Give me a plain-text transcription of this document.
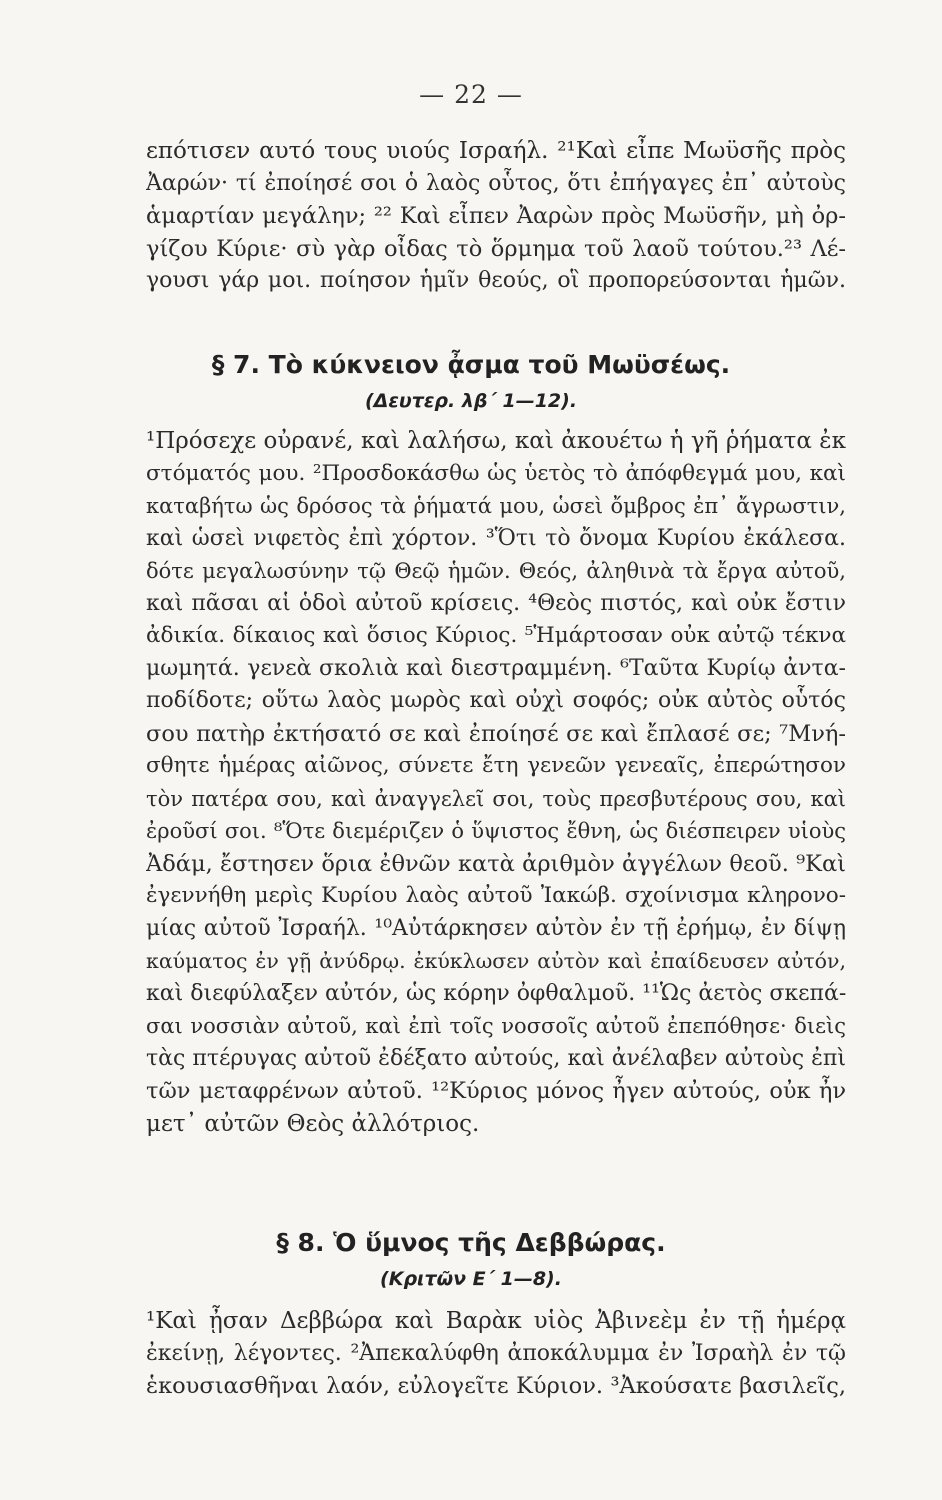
— 22 —
επότισεν αυτό τους υιούς Ισραήλ. ²¹Καὶ εἶπε Μωϋσῆς πρὸς
Ἀαρών· τί ἐποίησέ σοι ὁ λαὸς οὗτος, ὅτι ἐπήγαγες ἐπ᾿ αὐτοὺς
ἁμαρτίαν μεγάλην; ²² Καὶ εἶπεν Ἀαρὼν πρὸς Μωϋσῆν, μὴ ὀρ-
γίζου Κύριε· σὺ γὰρ οἶδας τὸ ὅρμημα τοῦ λαοῦ τούτου.²³ Λέ-
γουσι γάρ μοι. ποίησον ἡμῖν θεούς, οἳ προπορεύσονται ἡμῶν.
§ 7. Τὸ κύκνειον ᾆσμα τοῦ Μωϋσέως.
(Δευτερ. λβ΄ 1—12).
¹Πρόσεχε οὐρανέ, καὶ λαλήσω, καὶ ἀκουέτω ἡ γῆ ῥήματα ἐκ
στόματός μου. ²Προσδοκάσθω ὡς ὑετὸς τὸ ἀπόφθεγμά μου, καὶ
καταβήτω ὡς δρόσος τὰ ῥήματά μου, ὡσεὶ ὄμβρος ἐπ᾿ ἄγρωστιν,
καὶ ὡσεὶ νιφετὸς ἐπὶ χόρτον. ³Ὅτι τὸ ὄνομα Κυρίου ἐκάλεσα.
δότε μεγαλωσύνην τῷ Θεῷ ἡμῶν. Θεός, ἀληθινὰ τὰ ἔργα αὐτοῦ,
καὶ πᾶσαι αἱ ὁδοὶ αὐτοῦ κρίσεις. ⁴Θεὸς πιστός, καὶ οὐκ ἔστιν
ἀδικία. δίκαιος καὶ ὅσιος Κύριος. ⁵Ἡμάρτοσαν οὐκ αὐτῷ τέκνα
μωμητά. γενεὰ σκολιὰ καὶ διεστραμμένη. ⁶Ταῦτα Κυρίῳ ἀντα-
ποδίδοτε; οὕτω λαὸς μωρὸς καὶ οὐχὶ σοφός; οὐκ αὐτὸς οὗτός
σου πατὴρ ἐκτήσατό σε καὶ ἐποίησέ σε καὶ ἔπλασέ σε; ⁷Μνή-
σθητε ἡμέρας αἰῶνος, σύνετε ἔτη γενεῶν γενεαῖς, ἐπερώτησον
τὸν πατέρα σου, καὶ ἀναγγελεῖ σοι, τοὺς πρεσβυτέρους σου, καὶ
ἐροῦσί σοι. ⁸Ὅτε διεμέριζεν ὁ ὕψιστος ἔθνη, ὡς διέσπειρεν υἱοὺς
Ἀδάμ, ἔστησεν ὅρια ἐθνῶν κατὰ ἀριθμὸν ἀγγέλων θεοῦ. ⁹Καὶ
ἐγεννήθη μερὶς Κυρίου λαὸς αὐτοῦ Ἰακώβ. σχοίνισμα κληρονο-
μίας αὐτοῦ Ἰσραήλ. ¹⁰Αὐτάρκησεν αὐτὸν ἐν τῇ ἐρήμῳ, ἐν δίψῃ
καύματος ἐν γῇ ἀνύδρῳ. ἐκύκλωσεν αὐτὸν καὶ ἐπαίδευσεν αὐτόν,
καὶ διεφύλαξεν αὐτόν, ὡς κόρην ὀφθαλμοῦ. ¹¹Ὡς ἀετὸς σκεπά-
σαι νοσσιὰν αὐτοῦ, καὶ ἐπὶ τοῖς νοσσοῖς αὐτοῦ ἐπεπόθησε· διεὶς
τὰς πτέρυγας αὐτοῦ ἐδέξατο αὐτούς, καὶ ἀνέλαβεν αὐτοὺς ἐπὶ
τῶν μεταφρένων αὐτοῦ. ¹²Κύριος μόνος ἦγεν αὐτούς, οὐκ ἦν
μετ᾿ αὐτῶν Θεὸς ἀλλότριος.
§ 8. Ὁ ὕμνος τῆς Δεββώρας.
(Κριτῶν Ε΄ 1—8).
¹Καὶ ᾖσαν Δεββώρα καὶ Βαρὰκ υἱὸς Ἀβινεὲμ ἐν τῇ ἡμέρᾳ
ἐκείνῃ, λέγοντες. ²Ἀπεκαλύφθη ἀποκάλυμμα ἐν Ἰσραὴλ ἐν τῷ
ἑκουσιασθῆναι λαόν, εὐλογεῖτε Κύριον. ³Ἀκούσατε βασιλεῖς,
